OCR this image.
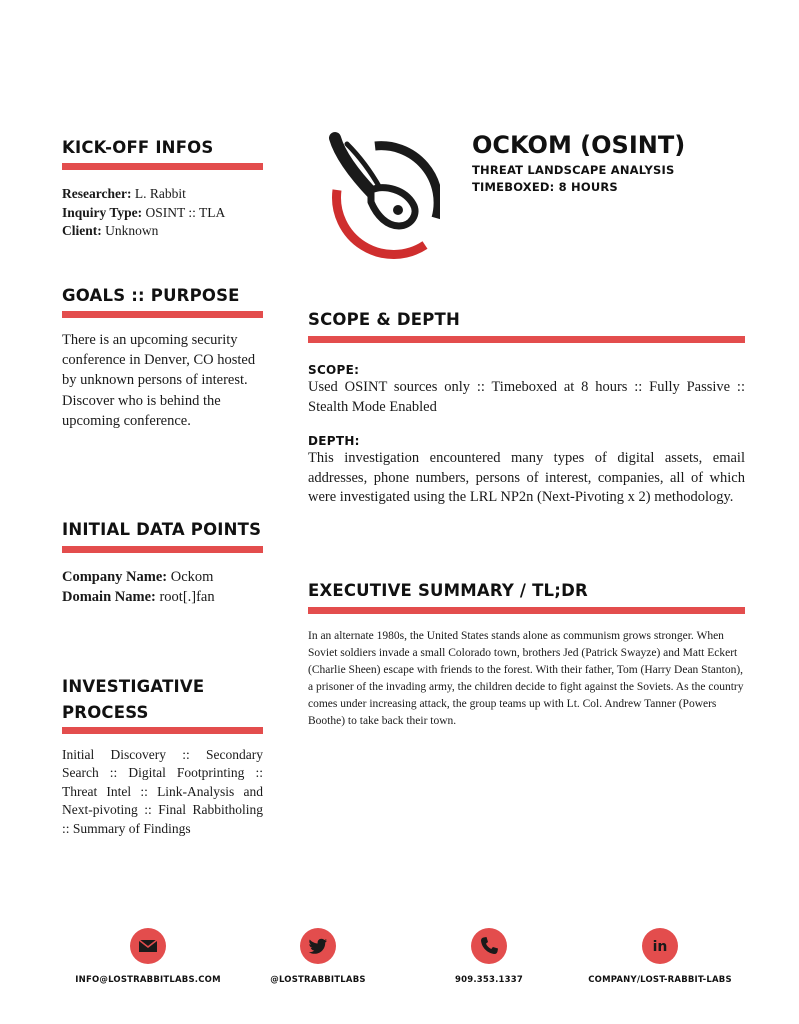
KICK-OFF INFOS
Researcher: L. Rabbit
Inquiry Type: OSINT :: TLA
Client: Unknown
GOALS :: PURPOSE
There is an upcoming security conference in Denver, CO hosted by unknown persons of interest. Discover who is behind the upcoming conference.
INITIAL DATA POINTS
Company Name: Ockom
Domain Name: root[.]fan
INVESTIGATIVE
PROCESS
Initial Discovery :: Secondary Search :: Digital Footprinting :: Threat Intel :: Link-Analysis and Next-pivoting :: Final Rabbitholing :: Summary of Findings
OCKOM (OSINT)
THREAT LANDSCAPE ANALYSIS
TIMEBOXED: 8 HOURS
SCOPE & DEPTH
SCOPE:
Used OSINT sources only :: Timeboxed at 8 hours :: Fully Passive :: Stealth Mode Enabled
DEPTH:
This investigation encountered many types of digital assets, email addresses, phone numbers, persons of interest, companies, all of which were investigated using the LRL NP2n (Next-Pivoting x 2) methodology.
EXECUTIVE SUMMARY / TL;DR
In an alternate 1980s, the United States stands alone as communism grows stronger. When Soviet soldiers invade a small Colorado town, brothers Jed (Patrick Swayze) and Matt Eckert (Charlie Sheen) escape with friends to the forest. With their father, Tom (Harry Dean Stanton), a prisoner of the invading army, the children decide to fight against the Soviets. As the country comes under increasing attack, the group teams up with Lt. Col. Andrew Tanner (Powers Boothe) to take back their town.
in
INFO@LOSTRABBITLABS.COM	@LOSTRABBITLABS	909.353.1337	COMPANY/LOST-RABBIT-LABS
